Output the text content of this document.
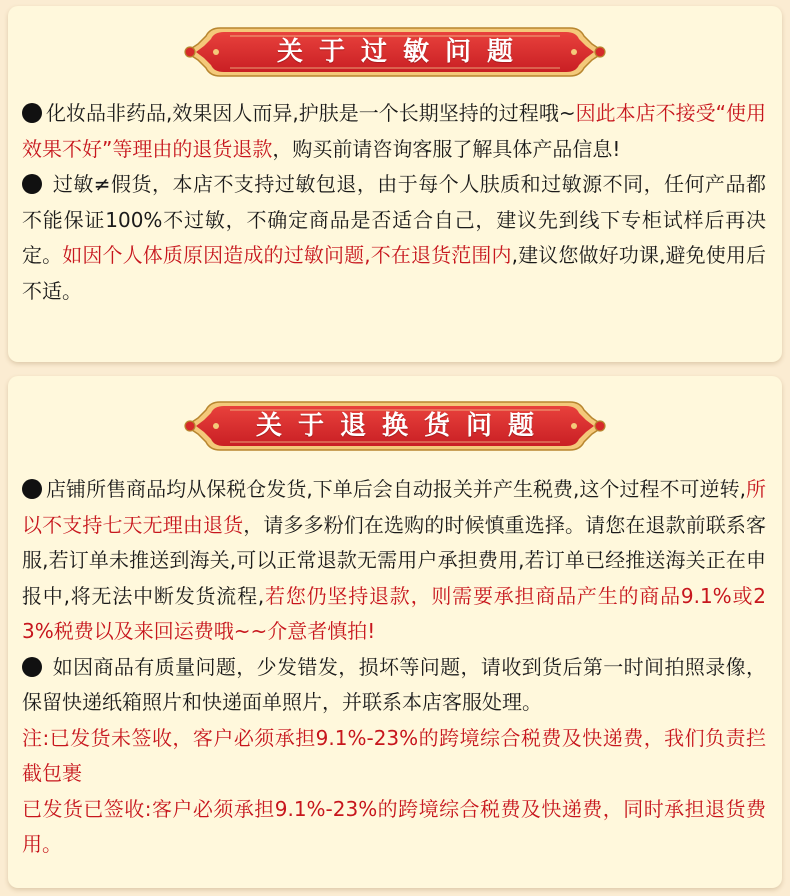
关于过敏问题

化妆品非药品,效果因人而异,护肤是一个长期坚持的过程哦~因此本店不接受“使用效果不好”等理由的退货退款，购买前请咨询客服了解具体产品信息!

过敏≠假货，本店不支持过敏包退，由于每个人肤质和过敏源不同，任何产品都不能保证100%不过敏，不确定商品是否适合自己，建议先到线下专柜试样后再决定。如因个人体质原因造成的过敏问题,不在退货范围内,建议您做好功课,避免使用后不适。

关于退换货问题

店铺所售商品均从保税仓发货,下单后会自动报关并产生税费,这个过程不可逆转,所以不支持七天无理由退货，请多多粉们在选购的时候慎重选择。请您在退款前联系客服,若订单未推送到海关,可以正常退款无需用户承担费用,若订单已经推送海关正在申报中,将无法中断发货流程,若您仍坚持退款，则需要承担商品产生的商品9.1%或23%税费以及来回运费哦~~介意者慎拍!

如因商品有质量问题，少发错发，损坏等问题，请收到货后第一时间拍照录像，保留快递纸箱照片和快递面单照片，并联系本店客服处理。

注:已发货未签收，客户必须承担9.1%-23%的跨境综合税费及快递费，我们负责拦截包裹

已发货已签收:客户必须承担9.1%-23%的跨境综合税费及快递费，同时承担退货费用。
